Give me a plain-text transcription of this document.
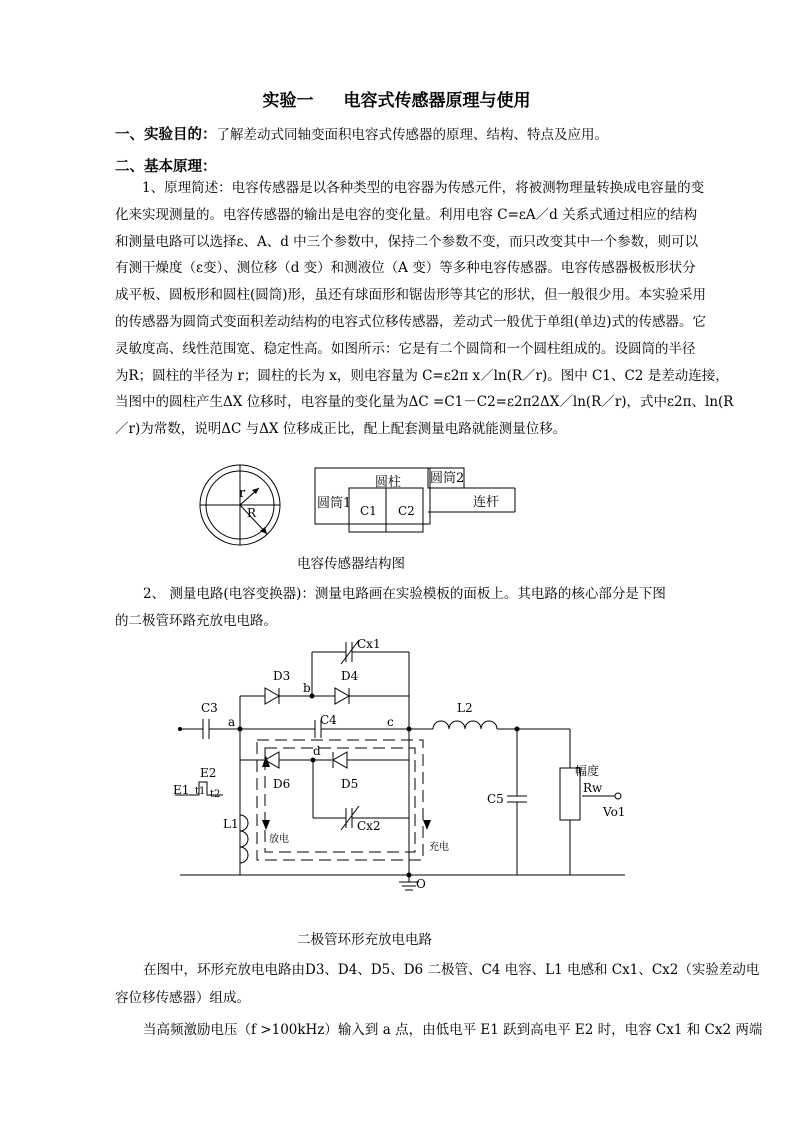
实验一 电容式传感器原理与使用
一、实验目的：了解差动式同轴变面积电容式传感器的原理、结构、特点及应用。
二、基本原理：
1、原理简述：电容传感器是以各种类型的电容器为传感元件，将被测物理量转换成电容量的变
化来实现测量的。电容传感器的输出是电容的变化量。利用电容 C=εA／d 关系式通过相应的结构
和测量电路可以选择ε、A、d 中三个参数中，保持二个参数不变，而只改变其中一个参数，则可以
有测干燥度（ε变）、测位移（d 变）和测液位（A 变）等多种电容传感器。电容传感器极板形状分
成平板、圆板形和圆柱(圆筒)形，虽还有球面形和锯齿形等其它的形状，但一般很少用。本实验采用
的传感器为圆筒式变面积差动结构的电容式位移传感器，差动式一般优于单组(单边)式的传感器。它
灵敏度高、线性范围宽、稳定性高。如图所示：它是有二个圆筒和一个圆柱组成的。设圆筒的半径
为R；圆柱的半径为 r；圆柱的长为 x，则电容量为 C=ε2π x／ln(R／r)。图中 C1、C2 是差动连接，
当图中的圆柱产生ΔX 位移时，电容量的变化量为ΔC =C1－C2=ε2π2ΔX／ln(R／r)，式中ε2π、ln(R
／r)为常数，说明ΔC 与ΔX 位移成正比，配上配套测量电路就能测量位移。
r
R
圆筒1
圆柱 圆筒2
连杆
C1 C2
电容传感器结构图
2、 测量电路(电容变换器)：测量电路画在实验模板的面板上。其电路的核心部分是下图
的二极管环路充放电电路。
Cx1
D3	D4
b
C3
a	C4	c
L2
d
E2
E1 t1 t2
D6	D5
L1	Cx2
放电
充电
O
C5
幅度
Rw
Vo1
二极管环形充放电电路
在图中，环形充放电电路由D3、D4、D5、D6 二极管、C4 电容、L1 电感和 Cx1、Cx2（实验差动电
容位移传感器）组成。
当高频激励电压（f >100kHz）输入到 a 点，由低电平 E1 跃到高电平 E2 时，电容 Cx1 和 Cx2 两端
